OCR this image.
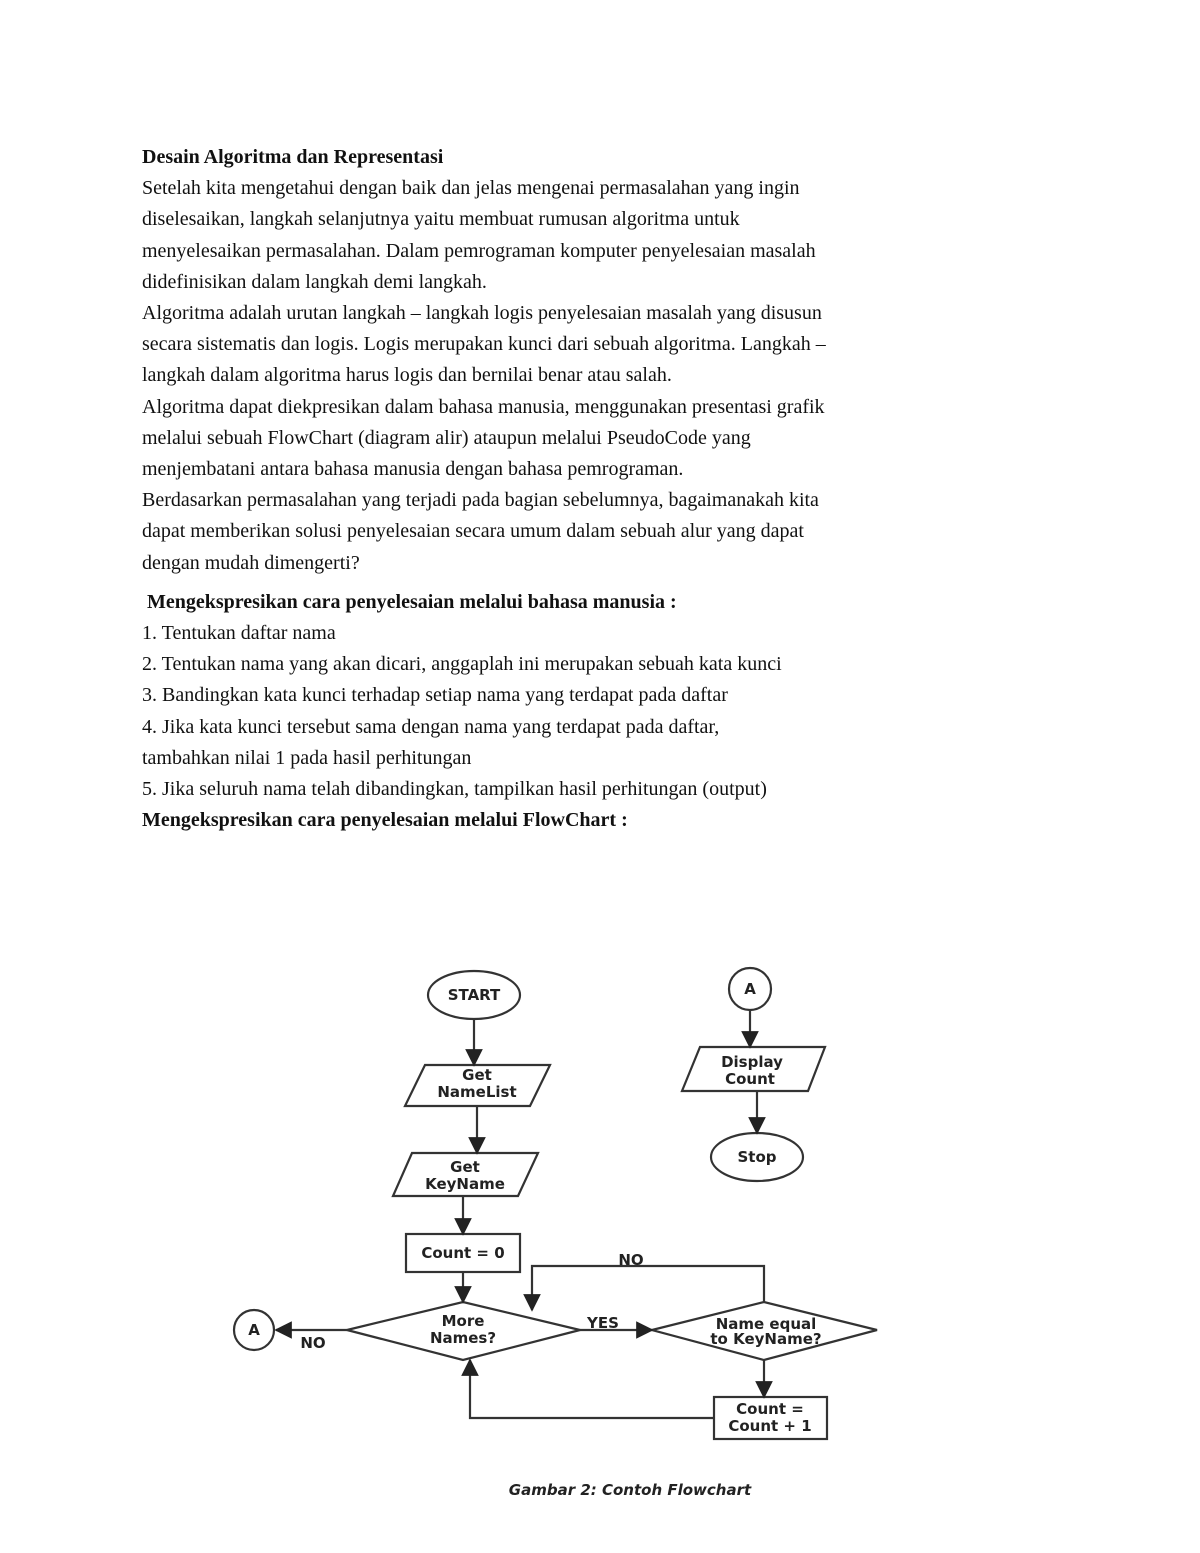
Desain Algoritma dan Representasi
Setelah kita mengetahui dengan baik dan jelas mengenai permasalahan yang ingin
diselesaikan, langkah selanjutnya yaitu membuat rumusan algoritma untuk
menyelesaikan permasalahan. Dalam pemrograman komputer penyelesaian masalah
didefinisikan dalam langkah demi langkah.
Algoritma adalah urutan langkah – langkah logis penyelesaian masalah yang disusun
secara sistematis dan logis. Logis merupakan kunci dari sebuah algoritma. Langkah –
langkah dalam algoritma harus logis dan bernilai benar atau salah.
Algoritma dapat diekpresikan dalam bahasa manusia, menggunakan presentasi grafik
melalui sebuah FlowChart (diagram alir) ataupun melalui PseudoCode yang
menjembatani antara bahasa manusia dengan bahasa pemrograman.
Berdasarkan permasalahan yang terjadi pada bagian sebelumnya, bagaimanakah kita
dapat memberikan solusi penyelesaian secara umum dalam sebuah alur yang dapat
dengan mudah dimengerti?
Mengekspresikan cara penyelesaian melalui bahasa manusia :
1. Tentukan daftar nama
2. Tentukan nama yang akan dicari, anggaplah ini merupakan sebuah kata kunci
3. Bandingkan kata kunci terhadap setiap nama yang terdapat pada daftar
4. Jika kata kunci tersebut sama dengan nama yang terdapat pada daftar,
tambahkan nilai 1 pada hasil perhitungan
5. Jika seluruh nama telah dibandingkan, tampilkan hasil perhitungan (output)
Mengekspresikan cara penyelesaian melalui FlowChart :
START
Get
NameList
Get
KeyName
Count = 0
More
Names?
Name equal
to KeyName?
Count =
Count + 1
A
A
Display
Count
Stop
NO
YES
NO
Gambar 2: Contoh Flowchart
